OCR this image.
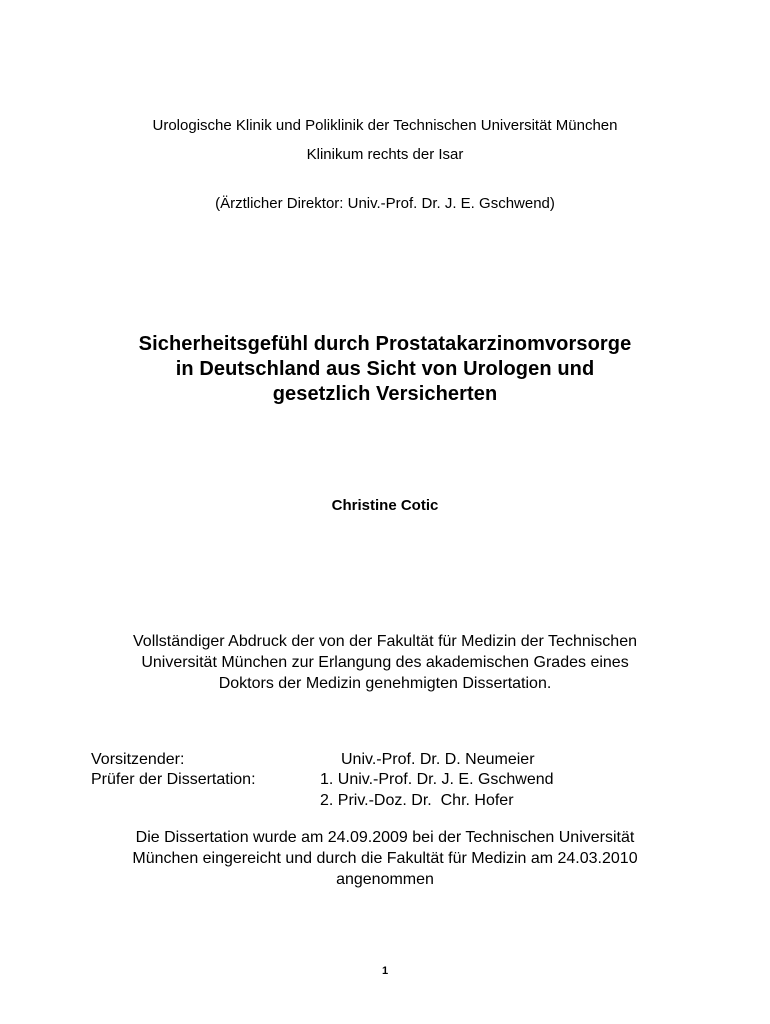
Urologische Klinik und Poliklinik der Technischen Universität München
Klinikum rechts der Isar
(Ärztlicher Direktor: Univ.-Prof. Dr. J. E. Gschwend)
Sicherheitsgefühl durch Prostatakarzinomvorsorge
in Deutschland aus Sicht von Urologen und
gesetzlich Versicherten
Christine Cotic
Vollständiger Abdruck der von der Fakultät für Medizin der Technischen
Universität München zur Erlangung des akademischen Grades eines
Doktors der Medizin genehmigten Dissertation.
Vorsitzender:	Univ.-Prof. Dr. D. Neumeier
Prüfer der Dissertation:	1. Univ.-Prof. Dr. J. E. Gschwend
2. Priv.-Doz. Dr.  Chr. Hofer
Die Dissertation wurde am 24.09.2009 bei der Technischen Universität
München eingereicht und durch die Fakultät für Medizin am 24.03.2010
angenommen
1
